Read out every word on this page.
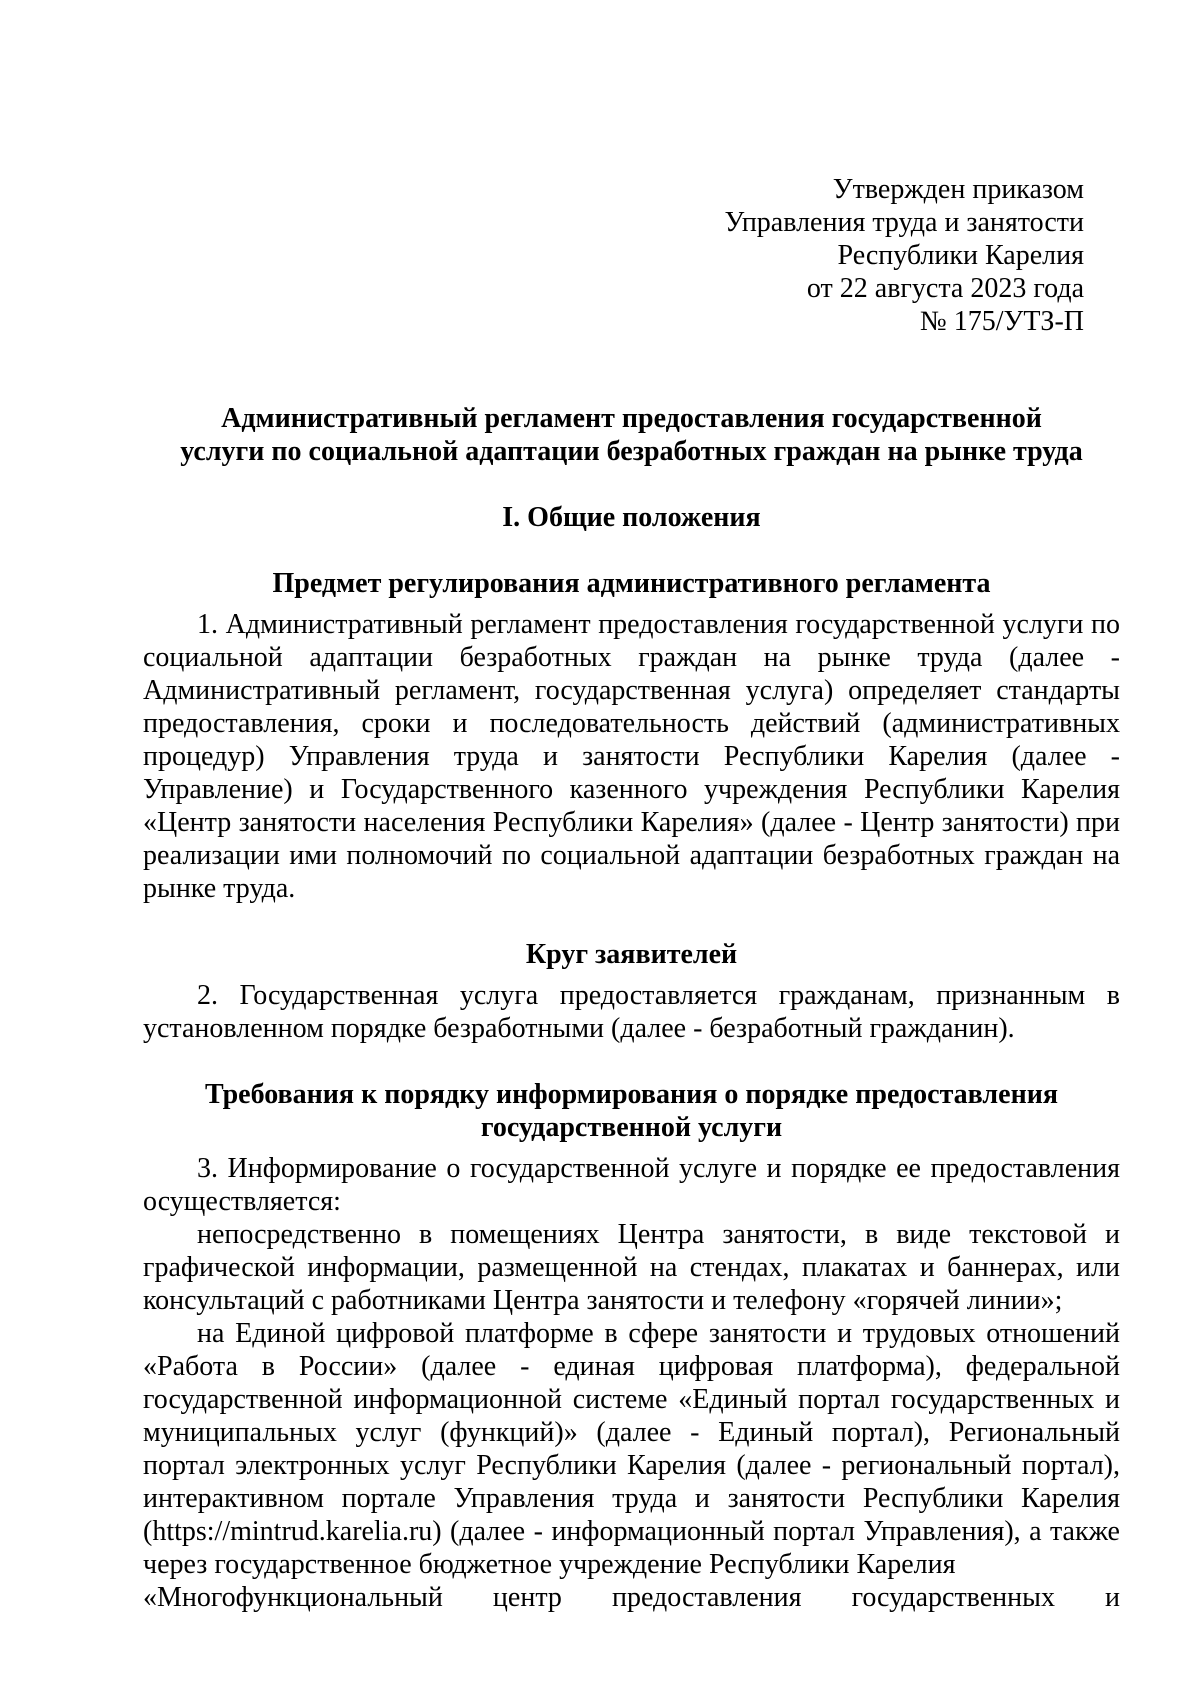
Утвержден приказом
Управления труда и занятости
Республики Карелия
от 22 августа 2023 года
№ 175/УТЗ-П
Административный регламент предоставления государственной
услуги по социальной адаптации безработных граждан на рынке труда
I. Общие положения
Предмет регулирования административного регламента

1. Административный регламент предоставления государственной услуги по социальной адаптации безработных граждан на рынке труда (далее - Административный регламент, государственная услуга) определяет стандарты предоставления, сроки и последовательность действий (административных процедур) Управления труда и занятости Республики Карелия (далее - Управление) и Государственного казенного учреждения Республики Карелия «Центр занятости населения Республики Карелия» (далее - Центр занятости) при реализации ими полномочий по социальной адаптации безработных граждан на рынке труда.

Круг заявителей

2. Государственная услуга предоставляется гражданам, признанным в установленном порядке безработными (далее - безработный гражданин).

Требования к порядку информирования о порядке предоставления
государственной услуги

3. Информирование о государственной услуге и порядке ее предоставления осуществляется:

непосредственно в помещениях Центра занятости, в виде текстовой и графической информации, размещенной на стендах, плакатах и баннерах, или консультаций с работниками Центра занятости и телефону «горячей линии»;

на Единой цифровой платформе в сфере занятости и трудовых отношений «Работа в России» (далее - единая цифровая платформа), федеральной государственной информационной системе «Единый портал государственных и муниципальных услуг (функций)» (далее - Единый портал), Региональный портал электронных услуг Республики Карелия (далее - региональный портал), интерактивном портале Управления труда и занятости Республики Карелия (https://mintrud.karelia.ru) (далее - информационный портал Управления), а также через государственное бюджетное учреждение Республики Карелия

«Многофункциональный центр предоставления государственных и
